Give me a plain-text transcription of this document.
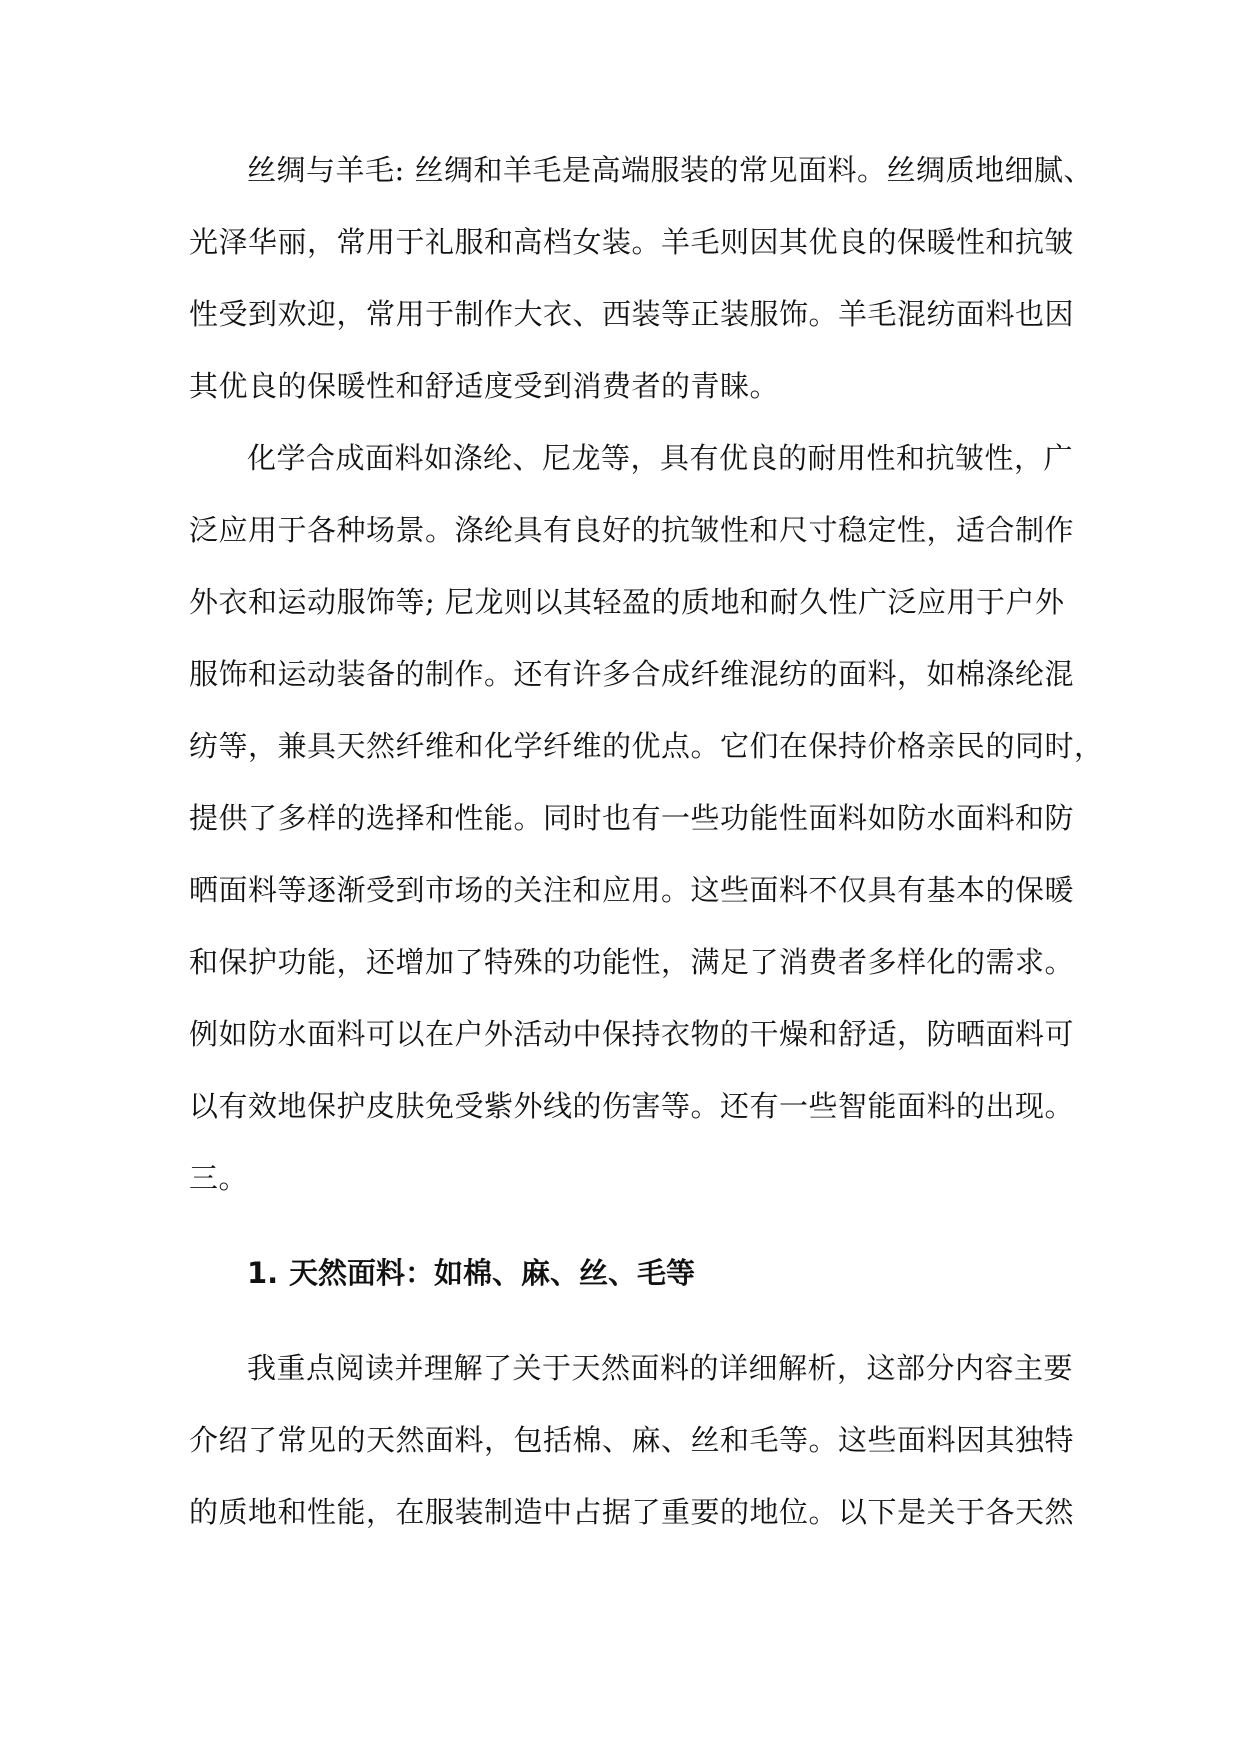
丝绸与羊毛: 丝绸和羊毛是高端服装的常见面料。丝绸质地细腻、
光泽华丽，常用于礼服和高档女装。羊毛则因其优良的保暖性和抗皱
性受到欢迎，常用于制作大衣、西装等正装服饰。羊毛混纺面料也因
其优良的保暖性和舒适度受到消费者的青睐。
化学合成面料如涤纶、尼龙等，具有优良的耐用性和抗皱性，广
泛应用于各种场景。涤纶具有良好的抗皱性和尺寸稳定性，适合制作
外衣和运动服饰等; 尼龙则以其轻盈的质地和耐久性广泛应用于户外
服饰和运动装备的制作。还有许多合成纤维混纺的面料，如棉涤纶混
纺等，兼具天然纤维和化学纤维的优点。它们在保持价格亲民的同时，
提供了多样的选择和性能。同时也有一些功能性面料如防水面料和防
晒面料等逐渐受到市场的关注和应用。这些面料不仅具有基本的保暖
和保护功能，还增加了特殊的功能性，满足了消费者多样化的需求。
例如防水面料可以在户外活动中保持衣物的干燥和舒适，防晒面料可
以有效地保护皮肤免受紫外线的伤害等。还有一些智能面料的出现。
三。
1. 天然面料：如棉、麻、丝、毛等
我重点阅读并理解了关于天然面料的详细解析，这部分内容主要
介绍了常见的天然面料，包括棉、麻、丝和毛等。这些面料因其独特
的质地和性能，在服装制造中占据了重要的地位。以下是关于各天然
